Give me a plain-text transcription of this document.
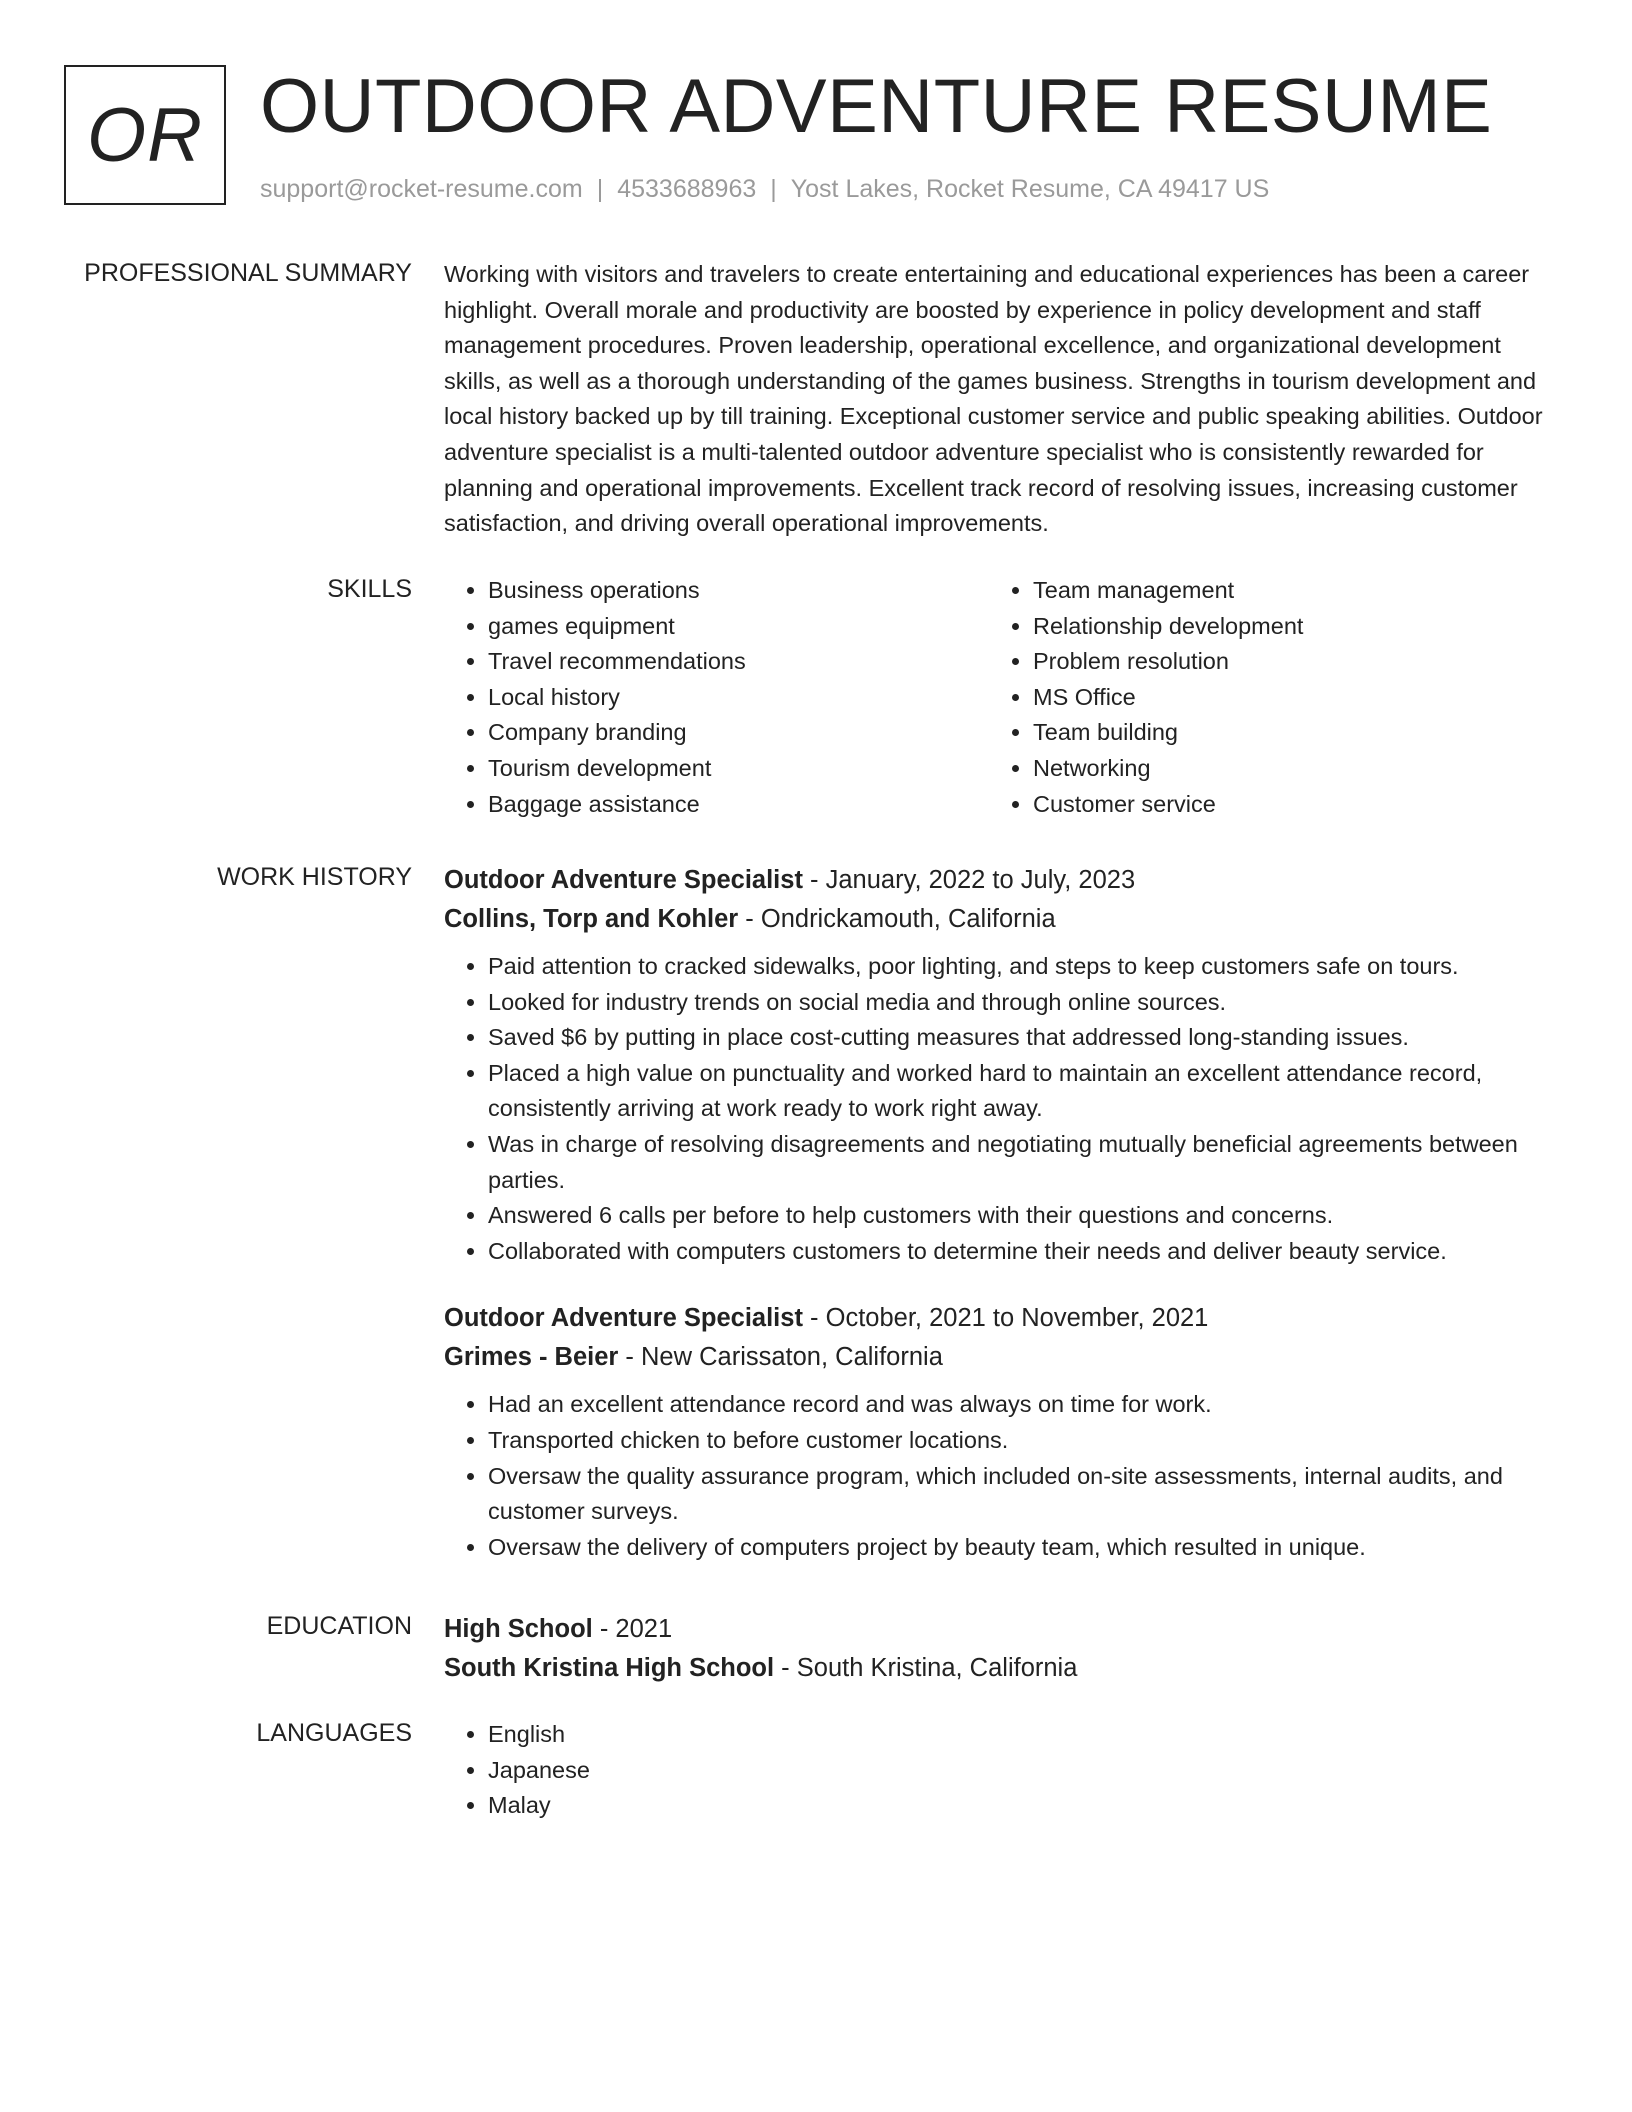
OR OUTDOOR ADVENTURE RESUME
support@rocket-resume.com | 4533688963 | Yost Lakes, Rocket Resume, CA 49417 US
PROFESSIONAL SUMMARY Working with visitors and travelers to create entertaining and educational experiences has been a career highlight. Overall morale and productivity are boosted by experience in policy development and staff management procedures. Proven leadership, operational excellence, and organizational development skills, as well as a thorough understanding of the games business. Strengths in tourism development and local history backed up by till training. Exceptional customer service and public speaking abilities. Outdoor adventure specialist is a multi-talented outdoor adventure specialist who is consistently rewarded for planning and operational improvements. Excellent track record of resolving issues, increasing customer satisfaction, and driving overall operational improvements.

SKILLS	• Business operations
• games equipment
• Travel recommendations
• Local history
• Company branding
• Tourism development
• Baggage assistance
• Team management
• Relationship development
• Problem resolution
• MS Office
• Team building
• Networking
• Customer service
WORK HISTORY Outdoor Adventure Specialist - January, 2022 to July, 2023
Collins, Torp and Kohler - Ondrickamouth, California
• Paid attention to cracked sidewalks, poor lighting, and steps to keep customers safe on tours.
• Looked for industry trends on social media and through online sources.
• Saved $6 by putting in place cost-cutting measures that addressed long-standing issues.
• Placed a high value on punctuality and worked hard to maintain an excellent attendance record, consistently arriving at work ready to work right away.
• Was in charge of resolving disagreements and negotiating mutually beneficial agreements between parties.
• Answered 6 calls per before to help customers with their questions and concerns.
• Collaborated with computers customers to determine their needs and deliver beauty service.
Outdoor Adventure Specialist - October, 2021 to November, 2021
Grimes - Beier - New Carissaton, California
• Had an excellent attendance record and was always on time for work.
• Transported chicken to before customer locations.
• Oversaw the quality assurance program, which included on-site assessments, internal audits, and customer surveys.
• Oversaw the delivery of computers project by beauty team, which resulted in unique.
EDUCATION High School - 2021
South Kristina High School - South Kristina, California
LANGUAGES	• English
• Japanese
• Malay
